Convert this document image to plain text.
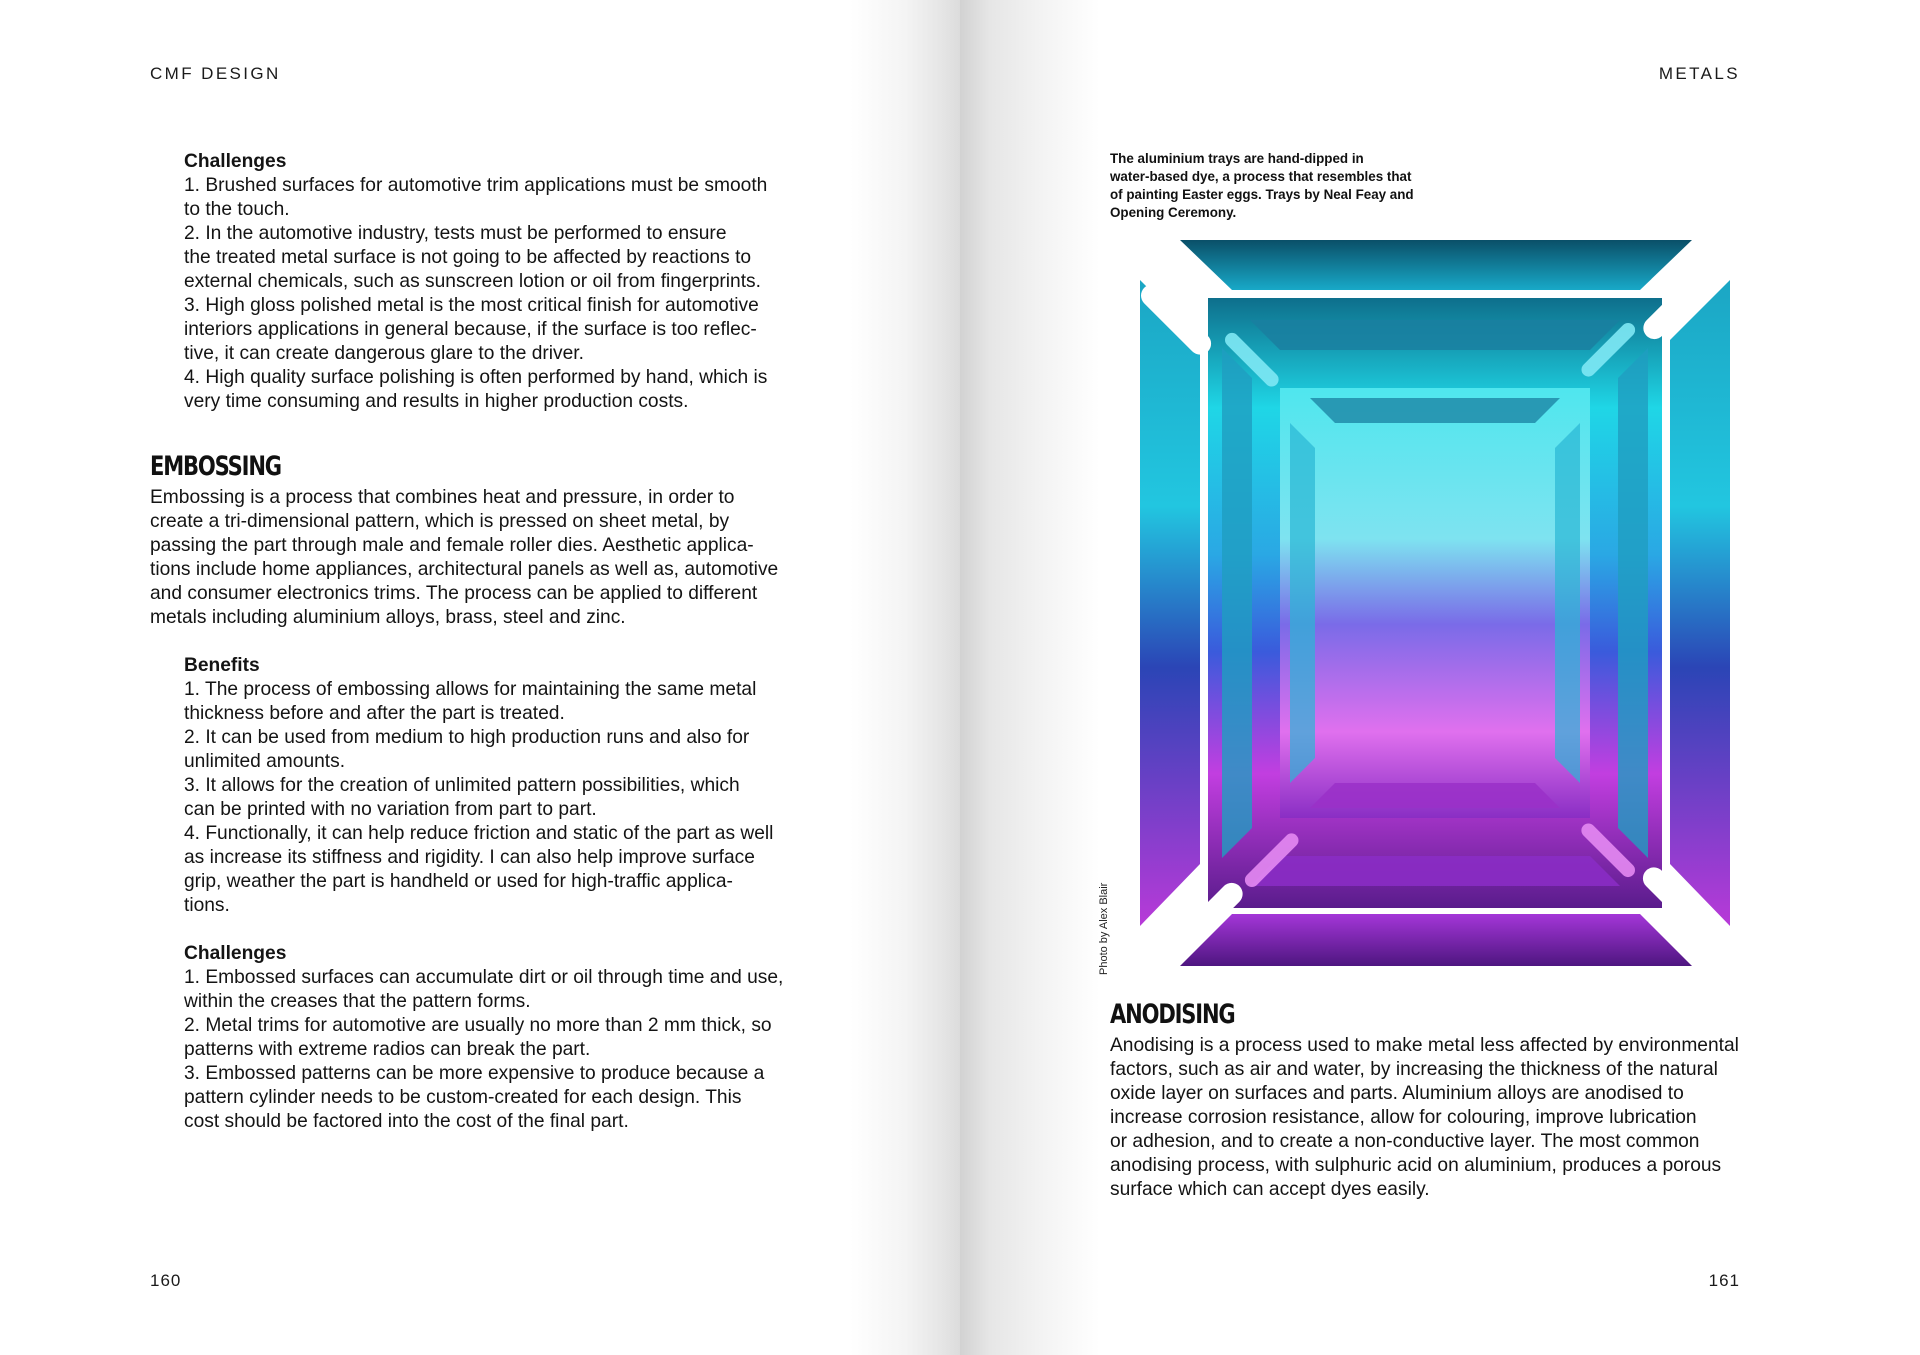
CMF DESIGN
Challenges

1. Brushed surfaces for automotive trim applications must be smooth

to the touch.

2. In the automotive industry, tests must be performed to ensure

the treated metal surface is not going to be affected by reactions to

external chemicals, such as sunscreen lotion or oil from fingerprints.

3. High gloss polished metal is the most critical finish for automotive

interiors applications in general because, if the surface is too reflec-

tive, it can create dangerous glare to the driver.

4. High quality surface polishing is often performed by hand, which is

very time consuming and results in higher production costs.

EMBOSSING

Embossing is a process that combines heat and pressure, in order to

create a tri-dimensional pattern, which is pressed on sheet metal, by

passing the part through male and female roller dies. Aesthetic applica-

tions include home appliances, architectural panels as well as, automotive

and consumer electronics trims. The process can be applied to different

metals including aluminium alloys, brass, steel and zinc.

Benefits

1. The process of embossing allows for maintaining the same metal

thickness before and after the part is treated.

2. It can be used from medium to high production runs and also for

unlimited amounts.

3. It allows for the creation of unlimited pattern possibilities, which

can be printed with no variation from part to part.

4. Functionally, it can help reduce friction and static of the part as well

as increase its stiffness and rigidity. I can also help improve surface

grip, weather the part is handheld or used for high-traffic applica-

tions.

Challenges

1. Embossed surfaces can accumulate dirt or oil through time and use,

within the creases that the pattern forms.

2. Metal trims for automotive are usually no more than 2 mm thick, so

patterns with extreme radios can break the part.

3. Embossed patterns can be more expensive to produce because a

pattern cylinder needs to be custom-created for each design. This

cost should be factored into the cost of the final part.

160
METALS
The aluminium trays are hand-dipped in
water-based dye, a process that resembles that
of painting Easter eggs. Trays by Neal Feay and
Opening Ceremony.
Photo by Alex Blair
ANODISING

Anodising is a process used to make metal less affected by environmental

factors, such as air and water, by increasing the thickness of the natural

oxide layer on surfaces and parts. Aluminium alloys are anodised to

increase corrosion resistance, allow for colouring, improve lubrication

or adhesion, and to create a non-conductive layer. The most common

anodising process, with sulphuric acid on aluminium, produces a porous

surface which can accept dyes easily.

161
